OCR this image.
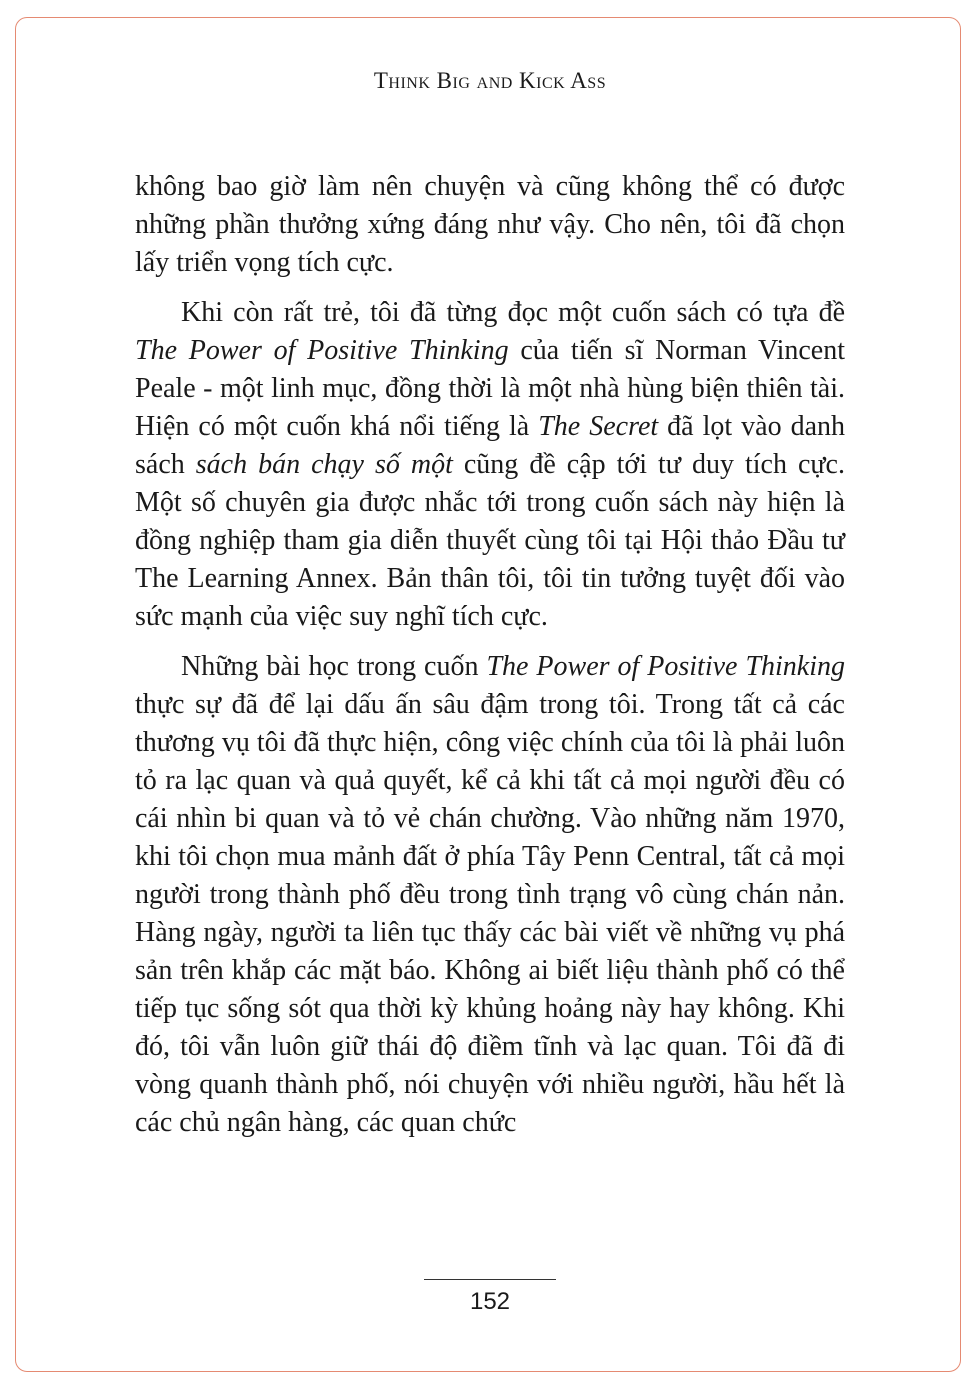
Think Big and Kick Ass

không bao giờ làm nên chuyện và cũng không thể có được những phần thưởng xứng đáng như vậy. Cho nên, tôi đã chọn lấy triển vọng tích cực.

Khi còn rất trẻ, tôi đã từng đọc một cuốn sách có tựa đề The Power of Positive Thinking của tiến sĩ Norman Vincent Peale - một linh mục, đồng thời là một nhà hùng biện thiên tài. Hiện có một cuốn khá nổi tiếng là The Secret đã lọt vào danh sách sách bán chạy số một cũng đề cập tới tư duy tích cực. Một số chuyên gia được nhắc tới trong cuốn sách này hiện là đồng nghiệp tham gia diễn thuyết cùng tôi tại Hội thảo Đầu tư The Learning Annex. Bản thân tôi, tôi tin tưởng tuyệt đối vào sức mạnh của việc suy nghĩ tích cực.

Những bài học trong cuốn The Power of Positive Thinking thực sự đã để lại dấu ấn sâu đậm trong tôi. Trong tất cả các thương vụ tôi đã thực hiện, công việc chính của tôi là phải luôn tỏ ra lạc quan và quả quyết, kể cả khi tất cả mọi người đều có cái nhìn bi quan và tỏ vẻ chán chường. Vào những năm 1970, khi tôi chọn mua mảnh đất ở phía Tây Penn Central, tất cả mọi người trong thành phố đều trong tình trạng vô cùng chán nản. Hàng ngày, người ta liên tục thấy các bài viết về những vụ phá sản trên khắp các mặt báo. Không ai biết liệu thành phố có thể tiếp tục sống sót qua thời kỳ khủng hoảng này hay không. Khi đó, tôi vẫn luôn giữ thái độ điềm tĩnh và lạc quan. Tôi đã đi vòng quanh thành phố, nói chuyện với nhiều người, hầu hết là các chủ ngân hàng, các quan chức

152
